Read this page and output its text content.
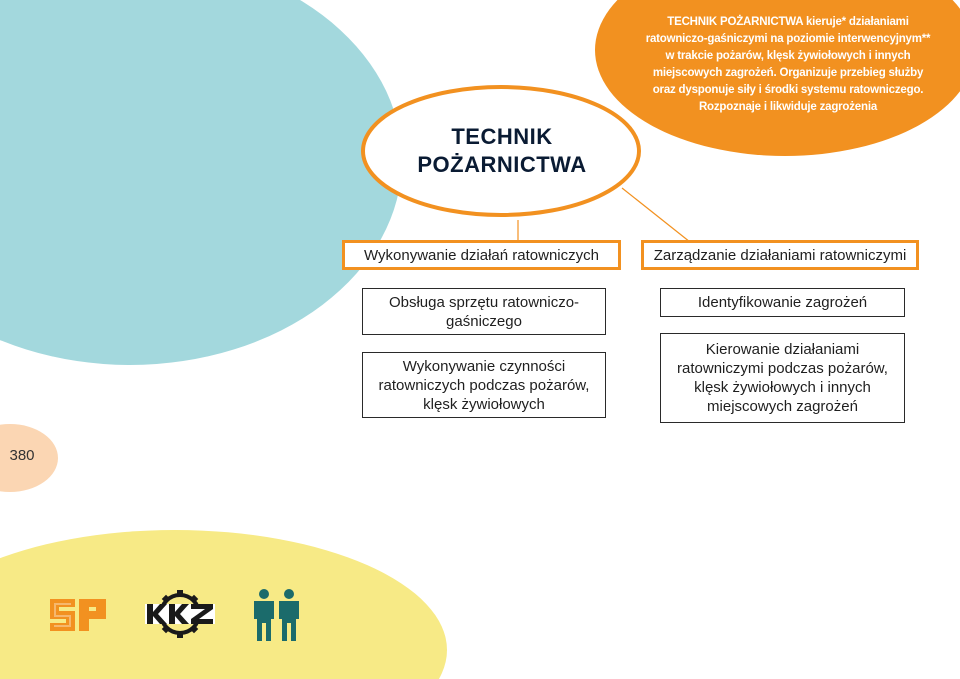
TECHNIK POŻARNICTWA kieruje* działaniami ratowniczo-gaśniczymi na poziomie interwencyjnym** w trakcie pożarów, klęsk żywiołowych i innych miejscowych zagrożeń. Organizuje przebieg służby oraz dysponuje siły i środki systemu ratowniczego. Rozpoznaje i likwiduje zagrożenia
TECHNIK
POŻARNICTWA
Wykonywanie działań ratowniczych	Zarządzanie działaniami ratowniczymi
Obsługa sprzętu ratowniczo-gaśniczego
Wykonywanie czynności ratowniczych podczas pożarów, klęsk żywiołowych
Identyfikowanie zagrożeń
Kierowanie działaniami ratowniczymi podczas pożarów, klęsk żywiołowych i innych miejscowych zagrożeń
380
